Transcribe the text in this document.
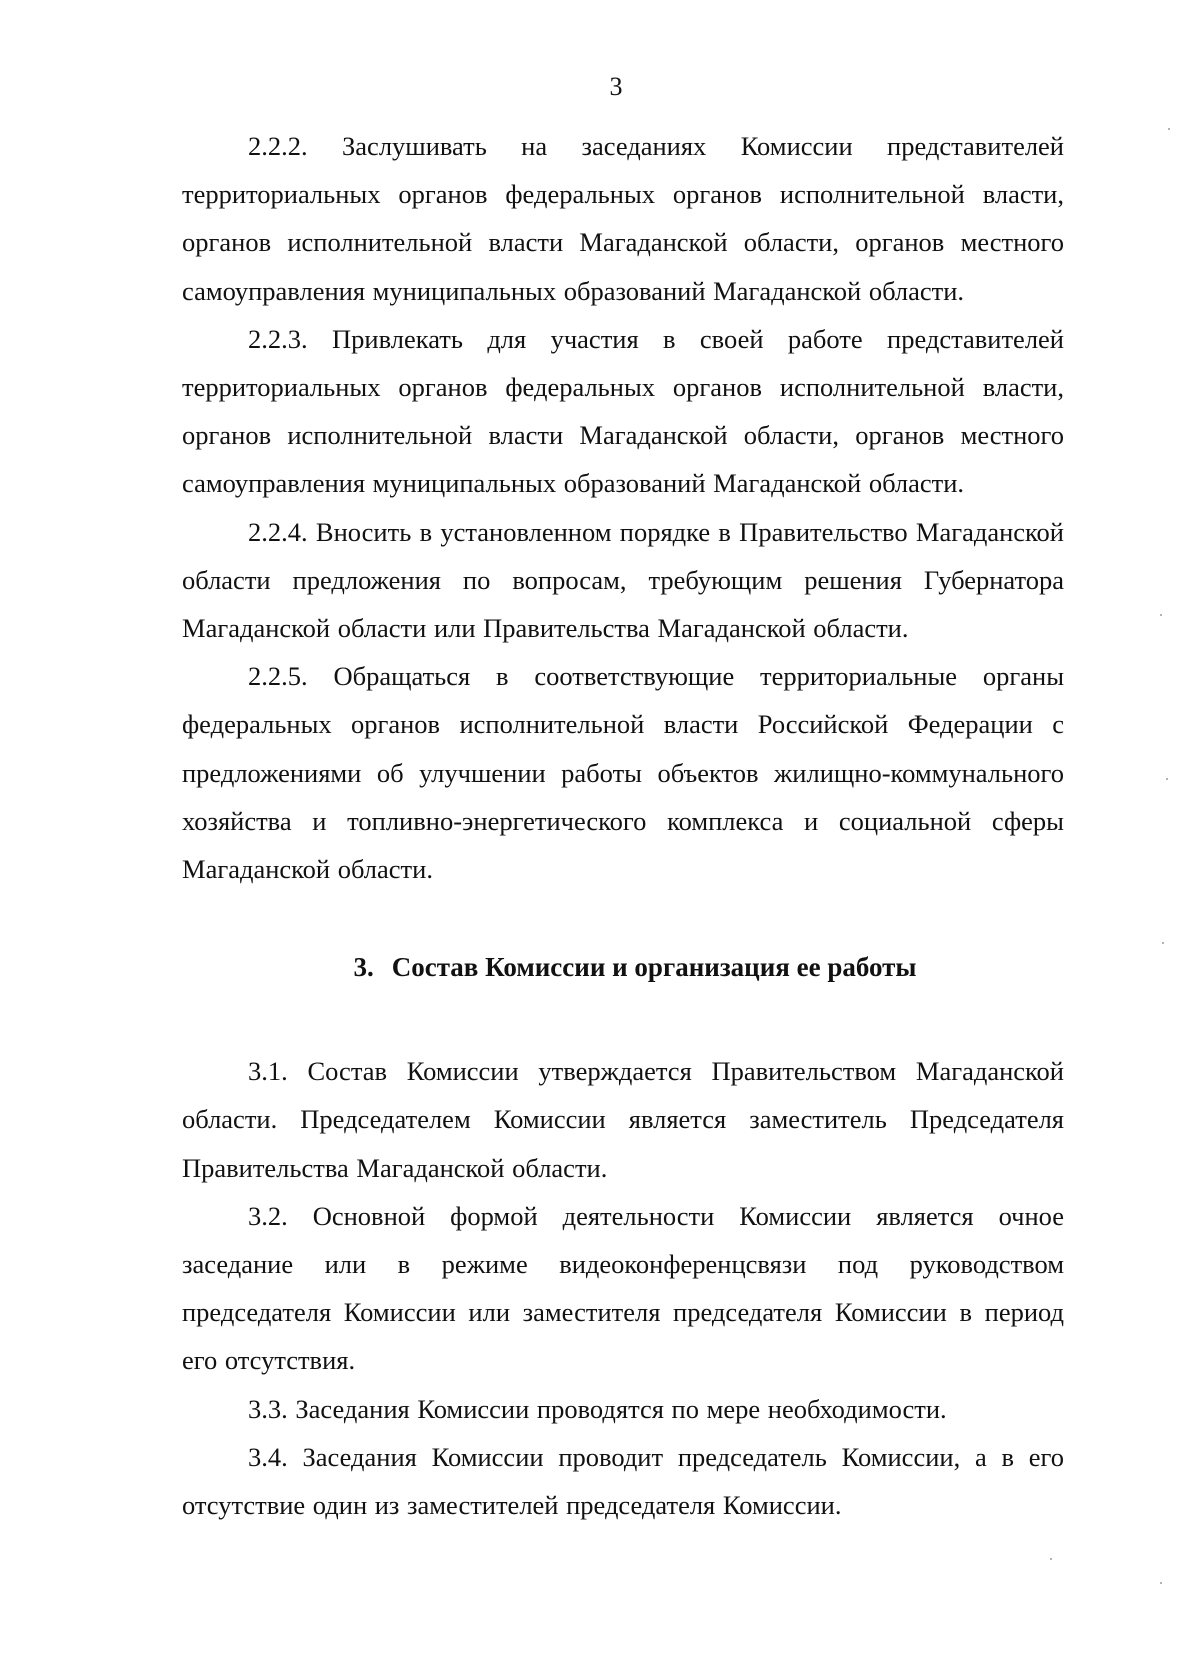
3

2.2.2. Заслушивать на заседаниях Комиссии представителей территориальных органов федеральных органов исполнительной власти, органов исполнительной власти Магаданской области, органов местного самоуправления муниципальных образований Магаданской области.

2.2.3. Привлекать для участия в своей работе представителей территориальных органов федеральных органов исполнительной власти, органов исполнительной власти Магаданской области, органов местного самоуправления муниципальных образований Магаданской области.

2.2.4. Вносить в установленном порядке в Правительство Магаданской области предложения по вопросам, требующим решения Губернатора Магаданской области или Правительства Магаданской области.

2.2.5. Обращаться в соответствующие территориальные органы федеральных органов исполнительной власти Российской Федерации с предложениями об улучшении работы объектов жилищно-коммунального хозяйства и топливно-энергетического комплекса и социальной сферы Магаданской области.

3. Состав Комиссии и организация ее работы

3.1. Состав Комиссии утверждается Правительством Магаданской области. Председателем Комиссии является заместитель Председателя Правительства Магаданской области.

3.2. Основной формой деятельности Комиссии является очное заседание или в режиме видеоконференцсвязи под руководством председателя Комиссии или заместителя председателя Комиссии в период его отсутствия.

3.3. Заседания Комиссии проводятся по мере необходимости.

3.4. Заседания Комиссии проводит председатель Комиссии, а в его отсутствие один из заместителей председателя Комиссии.
